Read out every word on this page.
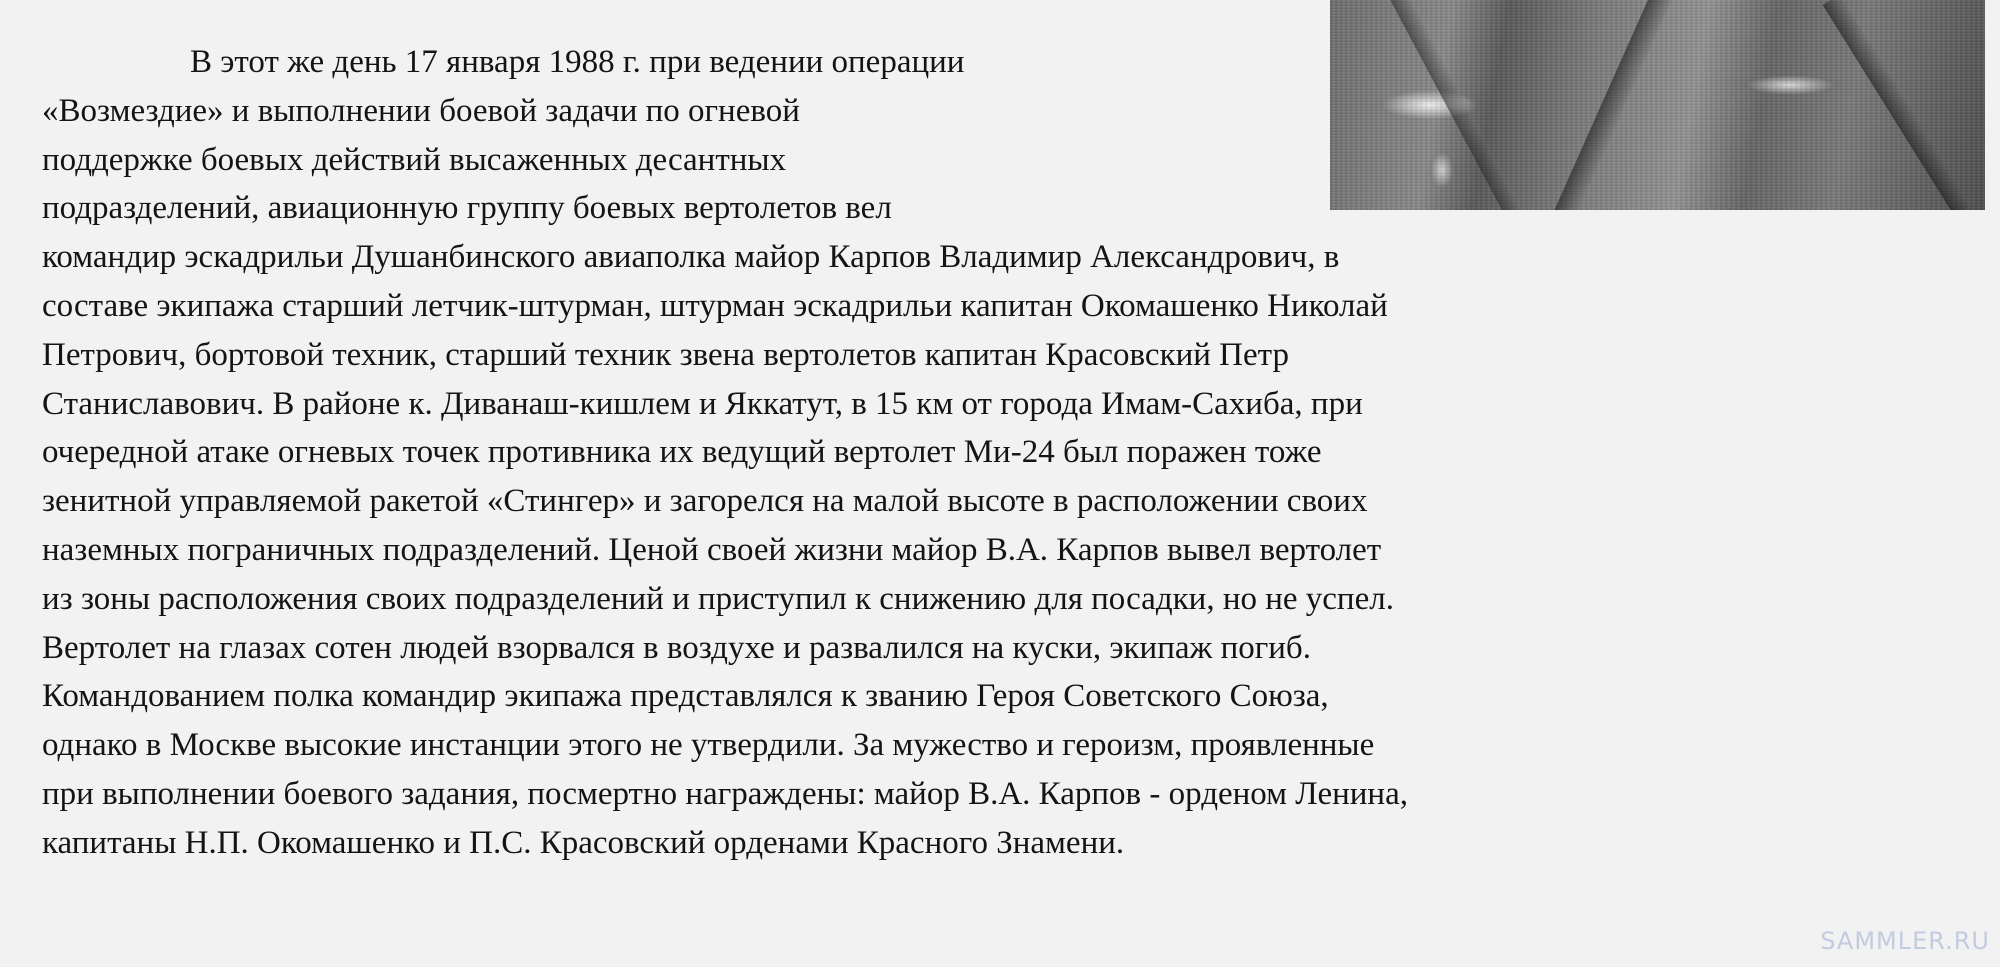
В этот же день 17 января 1988 г. при ведении операции
«Возмездие» и выполнении боевой задачи по огневой
поддержке боевых действий высаженных десантных
подразделений, авиационную группу боевых вертолетов вел
командир эскадрильи Душанбинского авиаполка майор Карпов Владимир Александрович, в
составе экипажа старший летчик-штурман, штурман эскадрильи капитан Окомашенко Николай
Петрович, бортовой техник, старший техник звена вертолетов капитан Красовский Петр
Станиславович. В районе к. Диванаш-кишлем и Яккатут, в 15 км от города Имам-Сахиба, при
очередной атаке огневых точек противника их ведущий вертолет Ми-24 был поражен тоже
зенитной управляемой ракетой «Стингер» и загорелся на малой высоте в расположении своих
наземных пограничных подразделений. Ценой своей жизни майор В.А. Карпов вывел вертолет
из зоны расположения своих подразделений и приступил к снижению для посадки, но не успел.
Вертолет на глазах сотен людей взорвался в воздухе и развалился на куски, экипаж погиб.
Командованием полка командир экипажа представлялся к званию Героя Советского Союза,
однако в Москве высокие инстанции этого не утвердили. За мужество и героизм, проявленные
при выполнении боевого задания, посмертно награждены: майор В.А. Карпов - орденом Ленина,
капитаны Н.П. Окомашенко и П.С. Красовский орденами Красного Знамени.
SAMMLER.RU
